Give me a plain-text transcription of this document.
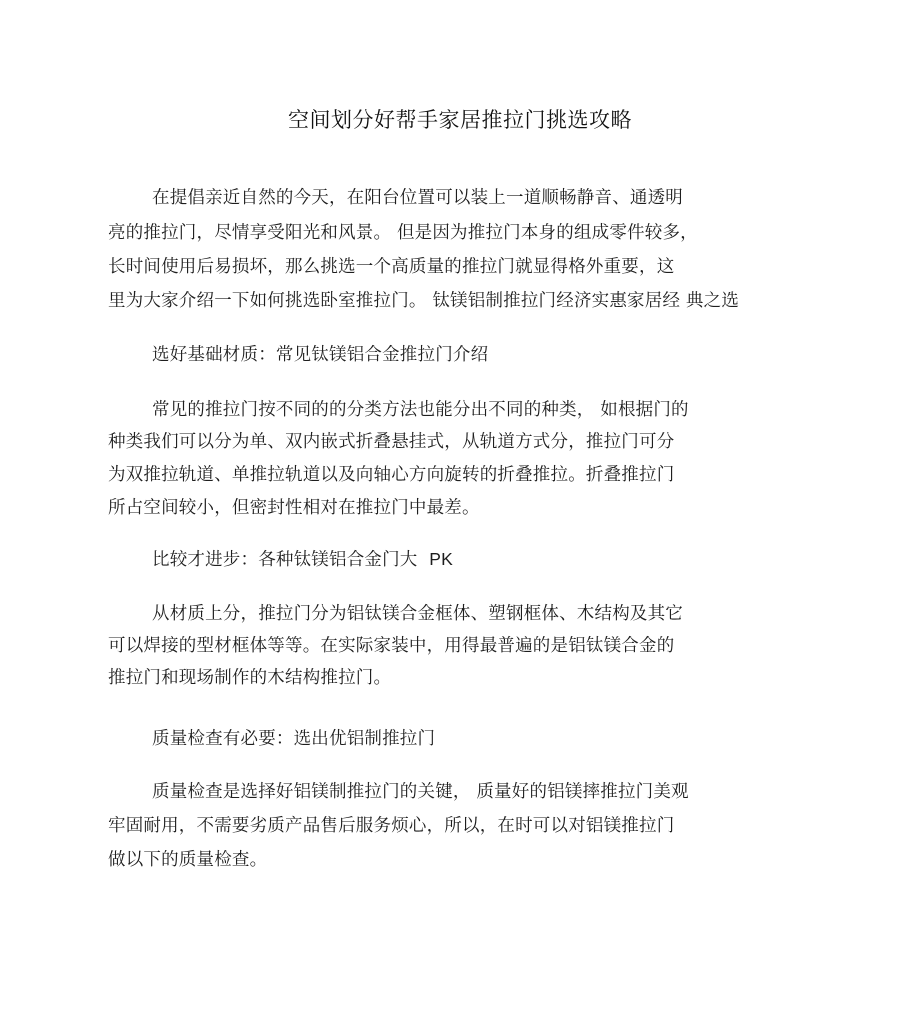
空间划分好帮手家居推拉门挑选攻略
在提倡亲近自然的今天，在阳台位置可以装上一道顺畅静音、通透明
亮的推拉门，尽情享受阳光和风景。 但是因为推拉门本身的组成零件较多，
长时间使用后易损坏，那么挑选一个高质量的推拉门就显得格外重要，这
里为大家介绍一下如何挑选卧室推拉门。 钛镁铝制推拉门经济实惠家居经 典之选
选好基础材质：常见钛镁铝合金推拉门介绍
常见的推拉门按不同的的分类方法也能分出不同的种类， 如根据门的
种类我们可以分为单、双内嵌式折叠悬挂式，从轨道方式分，推拉门可分
为双推拉轨道、单推拉轨道以及向轴心方向旋转的折叠推拉。折叠推拉门
所占空间较小，但密封性相对在推拉门中最差。
比较才进步：各种钛镁铝合金门大 PK
从材质上分，推拉门分为铝钛镁合金框体、塑钢框体、木结构及其它
可以焊接的型材框体等等。在实际家装中，用得最普遍的是铝钛镁合金的
推拉门和现场制作的木结构推拉门。
质量检查有必要：选出优铝制推拉门
质量检查是选择好铝镁制推拉门的关键， 质量好的铝镁摔推拉门美观
牢固耐用，不需要劣质产品售后服务烦心，所以，在时可以对铝镁推拉门
做以下的质量检查。
